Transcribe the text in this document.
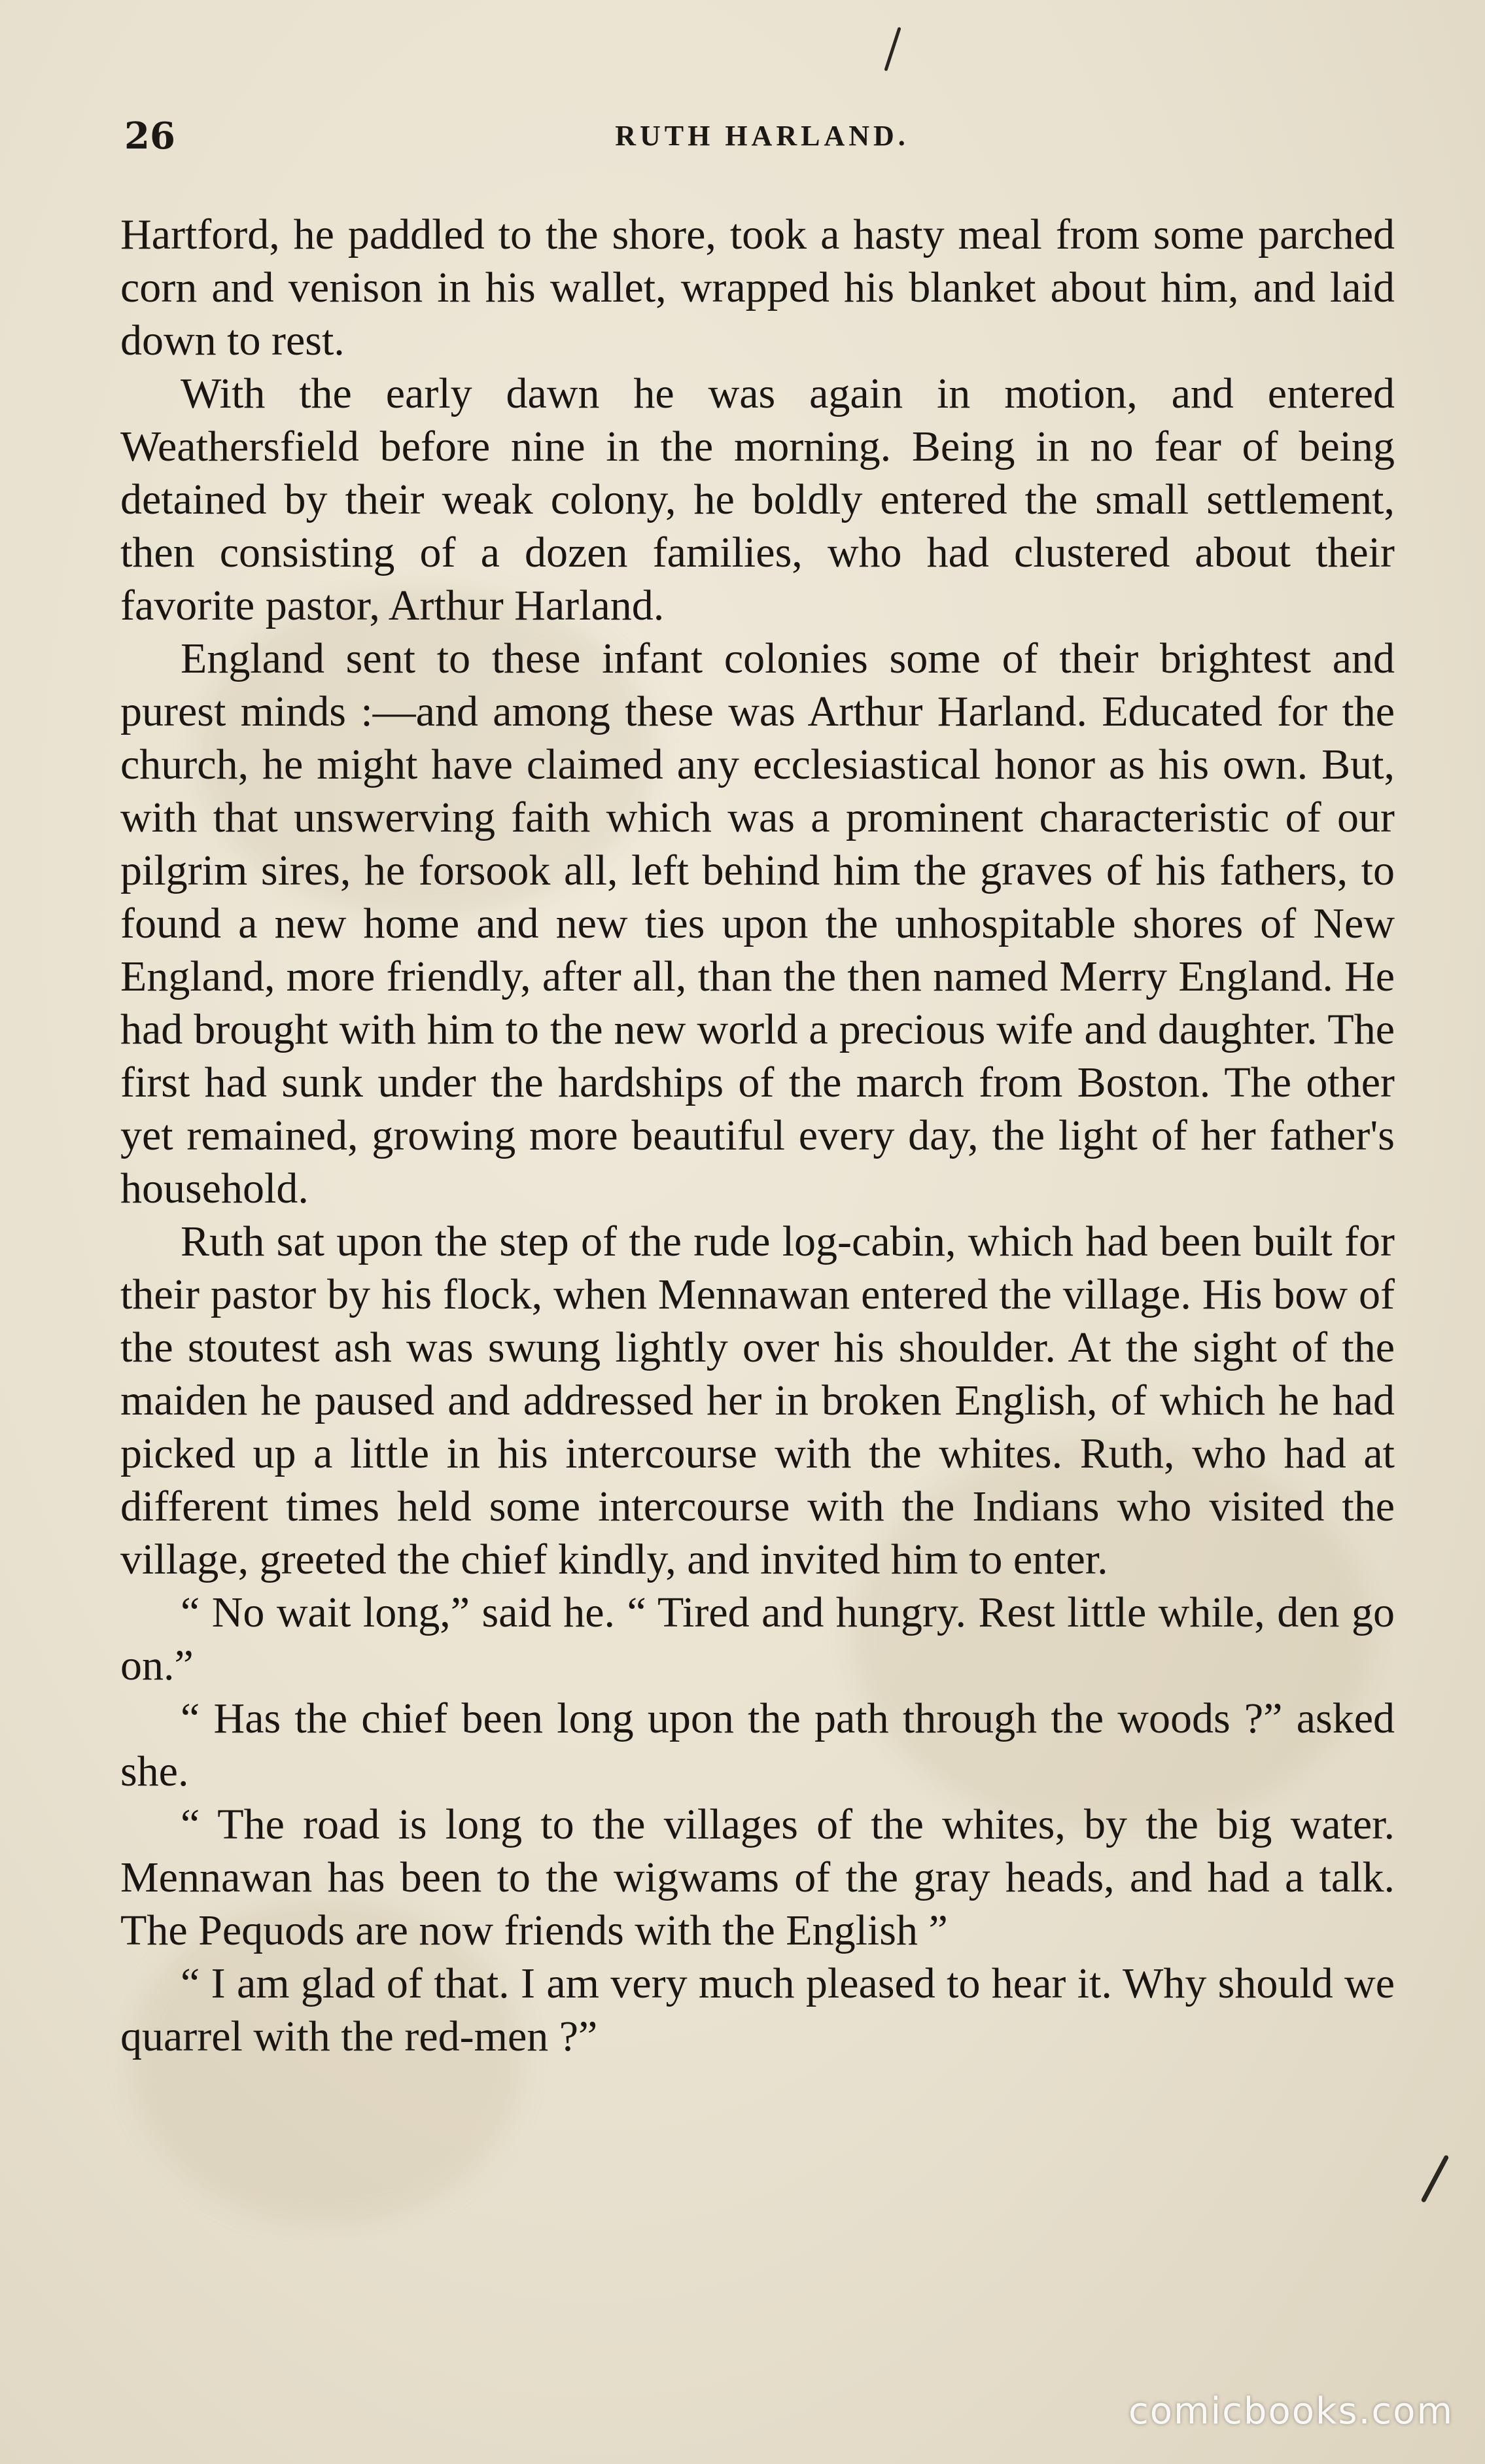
26	RUTH HARLAND.

Hartford, he paddled to the shore, took a hasty meal from some parched corn and venison in his wallet, wrapped his blanket about him, and laid down to rest.

With the early dawn he was again in motion, and entered Weathersfield before nine in the morning. Being in no fear of being detained by their weak colony, he boldly entered the small settlement, then consisting of a dozen families, who had clustered about their favorite pastor, Arthur Harland.

England sent to these infant colonies some of their brightest and purest minds :—and among these was Arthur Harland. Educated for the church, he might have claimed any ecclesiastical honor as his own. But, with that unswerving faith which was a prominent characteristic of our pilgrim sires, he forsook all, left behind him the graves of his fathers, to found a new home and new ties upon the unhospitable shores of New England, more friendly, after all, than the then named Merry England. He had brought with him to the new world a precious wife and daughter. The first had sunk under the hardships of the march from Boston. The other yet remained, growing more beautiful every day, the light of her father's household.

Ruth sat upon the step of the rude log-cabin, which had been built for their pastor by his flock, when Mennawan entered the village. His bow of the stoutest ash was swung lightly over his shoulder. At the sight of the maiden he paused and addressed her in broken English, of which he had picked up a little in his intercourse with the whites. Ruth, who had at different times held some intercourse with the Indians who visited the village, greeted the chief kindly, and invited him to enter.

“ No wait long,” said he. “ Tired and hungry. Rest little while, den go on.”

“ Has the chief been long upon the path through the woods ?” asked she.

“ The road is long to the villages of the whites, by the big water. Mennawan has been to the wigwams of the gray heads, and had a talk. The Pequods are now friends with the English ”

“ I am glad of that. I am very much pleased to hear it. Why should we quarrel with the red-men ?”

comicbooks.com
